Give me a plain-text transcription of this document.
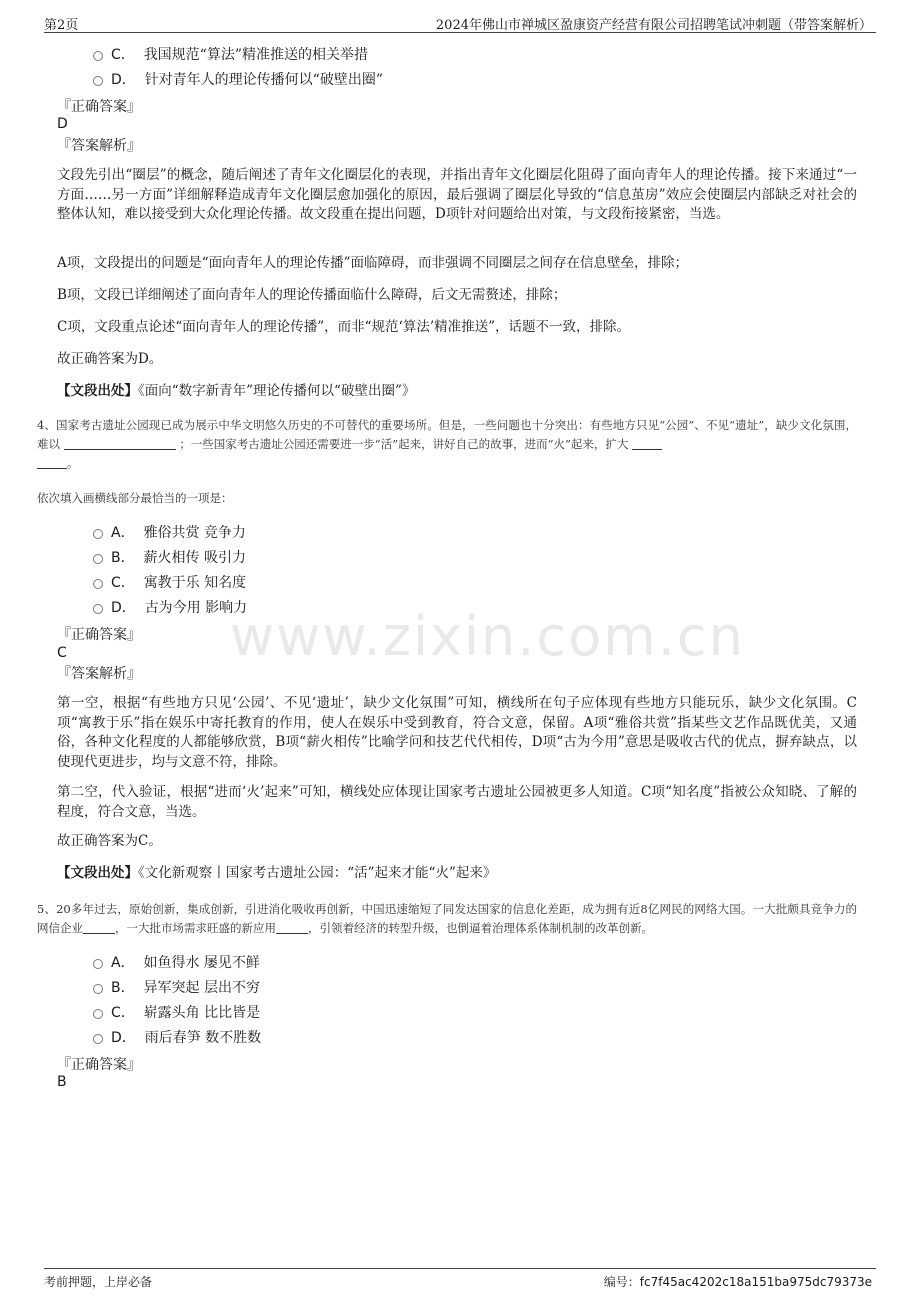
第2页	2024年佛山市禅城区盈康资产经营有限公司招聘笔试冲刺题（带答案解析）
www.zixin.com.cn
C． 我国规范“算法”精准推送的相关举措
D． 针对青年人的理论传播何以“破壁出圈”
『正确答案』
D
『答案解析』
文段先引出“圈层”的概念，随后阐述了青年文化圈层化的表现，并指出青年文化圈层化阻碍了面向青年人的理论传播。接下来通过“一方面……另一方面”详细解释造成青年文化圈层愈加强化的原因，最后强调了圈层化导致的“信息茧房”效应会使圈层内部缺乏对社会的整体认知，难以接受到大众化理论传播。故文段重在提出问题，D项针对问题给出对策，与文段衔接紧密，当选。
A项，文段提出的问题是“面向青年人的理论传播”面临障碍，而非强调不同圈层之间存在信息壁垒，排除；
B项，文段已详细阐述了面向青年人的理论传播面临什么障碍，后文无需赘述，排除；
C项，文段重点论述“面向青年人的理论传播”，而非“规范‘算法’精准推送”，话题不一致，排除。
故正确答案为D。
【文段出处】《面向“数字新青年”理论传播何以“破壁出圈”》
4、国家考古遗址公园现已成为展示中华文明悠久历史的不可替代的重要场所。但是，一些问题也十分突出：有些地方只见“公园”、不见“遗址”，缺少文化氛围，难以	；一些国家考古遗址公园还需要进一步“活”起来，讲好自己的故事，进而“火”起来，扩大
。
依次填入画横线部分最恰当的一项是：
A． 雅俗共赏 竞争力
B． 薪火相传 吸引力
C． 寓教于乐 知名度
D． 古为今用 影响力
『正确答案』
C
『答案解析』
第一空，根据“有些地方只见‘公园’、不见‘遗址’，缺少文化氛围”可知，横线所在句子应体现有些地方只能玩乐，缺少文化氛围。C项“寓教于乐”指在娱乐中寄托教育的作用，使人在娱乐中受到教育，符合文意，保留。A项“雅俗共赏”指某些文艺作品既优美，又通俗，各种文化程度的人都能够欣赏，B项“薪火相传”比喻学问和技艺代代相传，D项“古为今用”意思是吸收古代的优点，摒弃缺点，以使现代更进步，均与文意不符，排除。
第二空，代入验证，根据“进而‘火’起来”可知，横线处应体现让国家考古遗址公园被更多人知道。C项“知名度”指被公众知晓、了解的程度，符合文意，当选。
故正确答案为C。
【文段出处】《文化新观察丨国家考古遗址公园：“活”起来才能“火”起来》
5、20多年过去，原始创新，集成创新，引进消化吸收再创新，中国迅速缩短了同发达国家的信息化差距，成为拥有近8亿网民的网络大国。一大批颇具竞争力的网信企业	，一大批市场需求旺盛的新应用	，引领着经济的转型升级，也倒逼着治理体系体制机制的改革创新。
A． 如鱼得水 屡见不鲜
B． 异军突起 层出不穷
C． 崭露头角 比比皆是
D． 雨后春笋 数不胜数
『正确答案』
B
考前押题，上岸必备	编号：fc7f45ac4202c18a151ba975dc79373e
